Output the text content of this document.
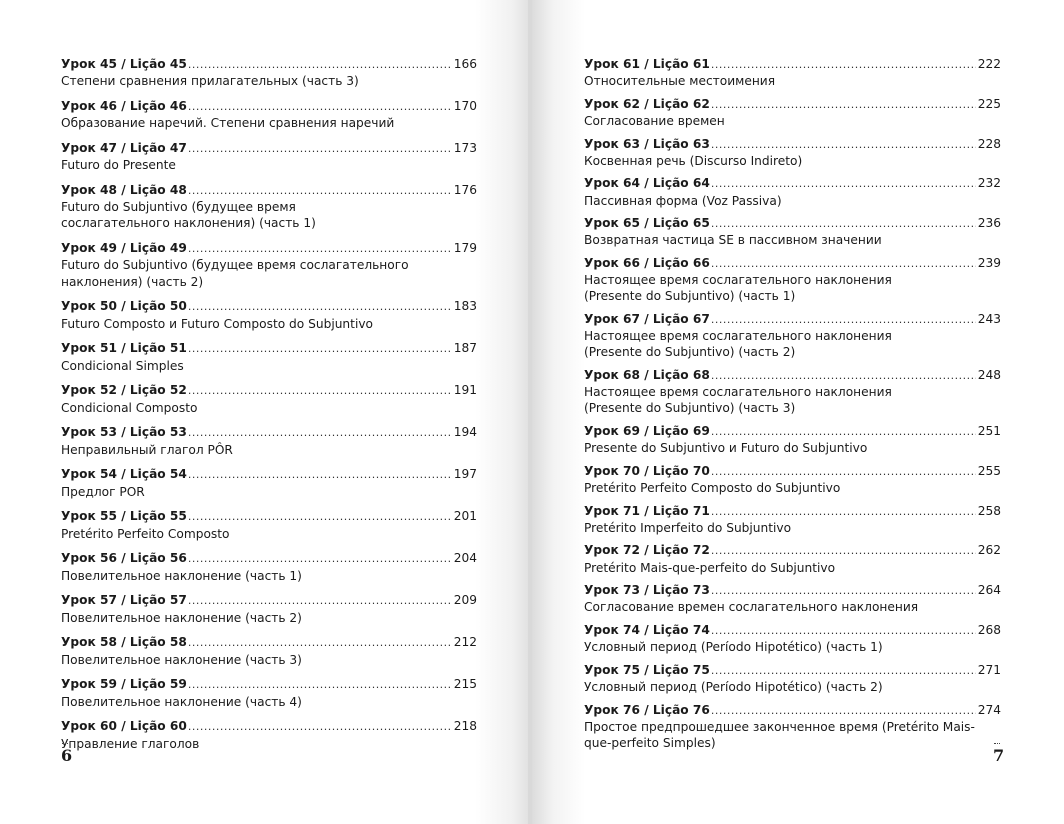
Урок 45 / Lição 45 .....	166
Степени сравнения прилагательных (часть 3)
Урок 46 / Lição 46 .....	170
Образование наречий. Степени сравнения наречий
Урок 47 / Lição 47 .....	173
Futuro do Presente
Урок 48 / Lição 48 .....	176
Futuro do Subjuntivo (будущее время сослагательного наклонения) (часть 1)
Урок 49 / Lição 49 .....	179
Futuro do Subjuntivo (будущее время сослагательного наклонения) (часть 2)
Урок 50 / Lição 50 .....	183
Futuro Composto и Futuro Composto do Subjuntivo
Урок 51 / Lição 51 .....	187
Condicional Simples
Урок 52 / Lição 52 .....	191
Condicional Composto
Урок 53 / Lição 53 .....	194
Неправильный глагол PÔR
Урок 54 / Lição 54 .....	197
Предлог POR
Урок 55 / Lição 55 .....	201
Pretérito Perfeito Composto
Урок 56 / Lição 56 .....	204
Повелительное наклонение (часть 1)
Урок 57 / Lição 57 .....	209
Повелительное наклонение (часть 2)
Урок 58 / Lição 58 .....	212
Повелительное наклонение (часть 3)
Урок 59 / Lição 59 .....	215
Повелительное наклонение (часть 4)
Урок 60 / Lição 60 .....	218
Управление глаголов
6
Урок 61 / Lição 61 .....	222
Относительные местоимения
Урок 62 / Lição 62 .....	225
Согласование времен
Урок 63 / Lição 63 .....	228
Косвенная речь (Discurso Indireto)
Урок 64 / Lição 64 .....	232
Пассивная форма (Voz Passiva)
Урок 65 / Lição 65 .....	236
Возвратная частица SE в пассивном значении
Урок 66 / Lição 66 .....	239
Настоящее время сослагательного наклонения (Presente do Subjuntivo) (часть 1)
Урок 67 / Lição 67 .....	243
Настоящее время сослагательного наклонения (Presente do Subjuntivo) (часть 2)
Урок 68 / Lição 68 .....	248
Настоящее время сослагательного наклонения (Presente do Subjuntivo) (часть 3)
Урок 69 / Lição 69 .....	251
Presente do Subjuntivo и Futuro do Subjuntivo
Урок 70 / Lição 70 .....	255
Pretérito Perfeito Composto do Subjuntivo
Урок 71 / Lição 71 .....	258
Pretérito Imperfeito do Subjuntivo
Урок 72 / Lição 72 .....	262
Pretérito Mais-que-perfeito do Subjuntivo
Урок 73 / Lição 73 .....	264
Согласование времен сослагательного наклонения
Урок 74 / Lição 74 .....	268
Условный период (Período Hipotético) (часть 1)
Урок 75 / Lição 75 .....	271
Условный период (Período Hipotético) (часть 2)
Урок 76 / Lição 76 .....	274
Простое предпрошедшее законченное время (Pretérito Mais-que-perfeito Simples)
7
